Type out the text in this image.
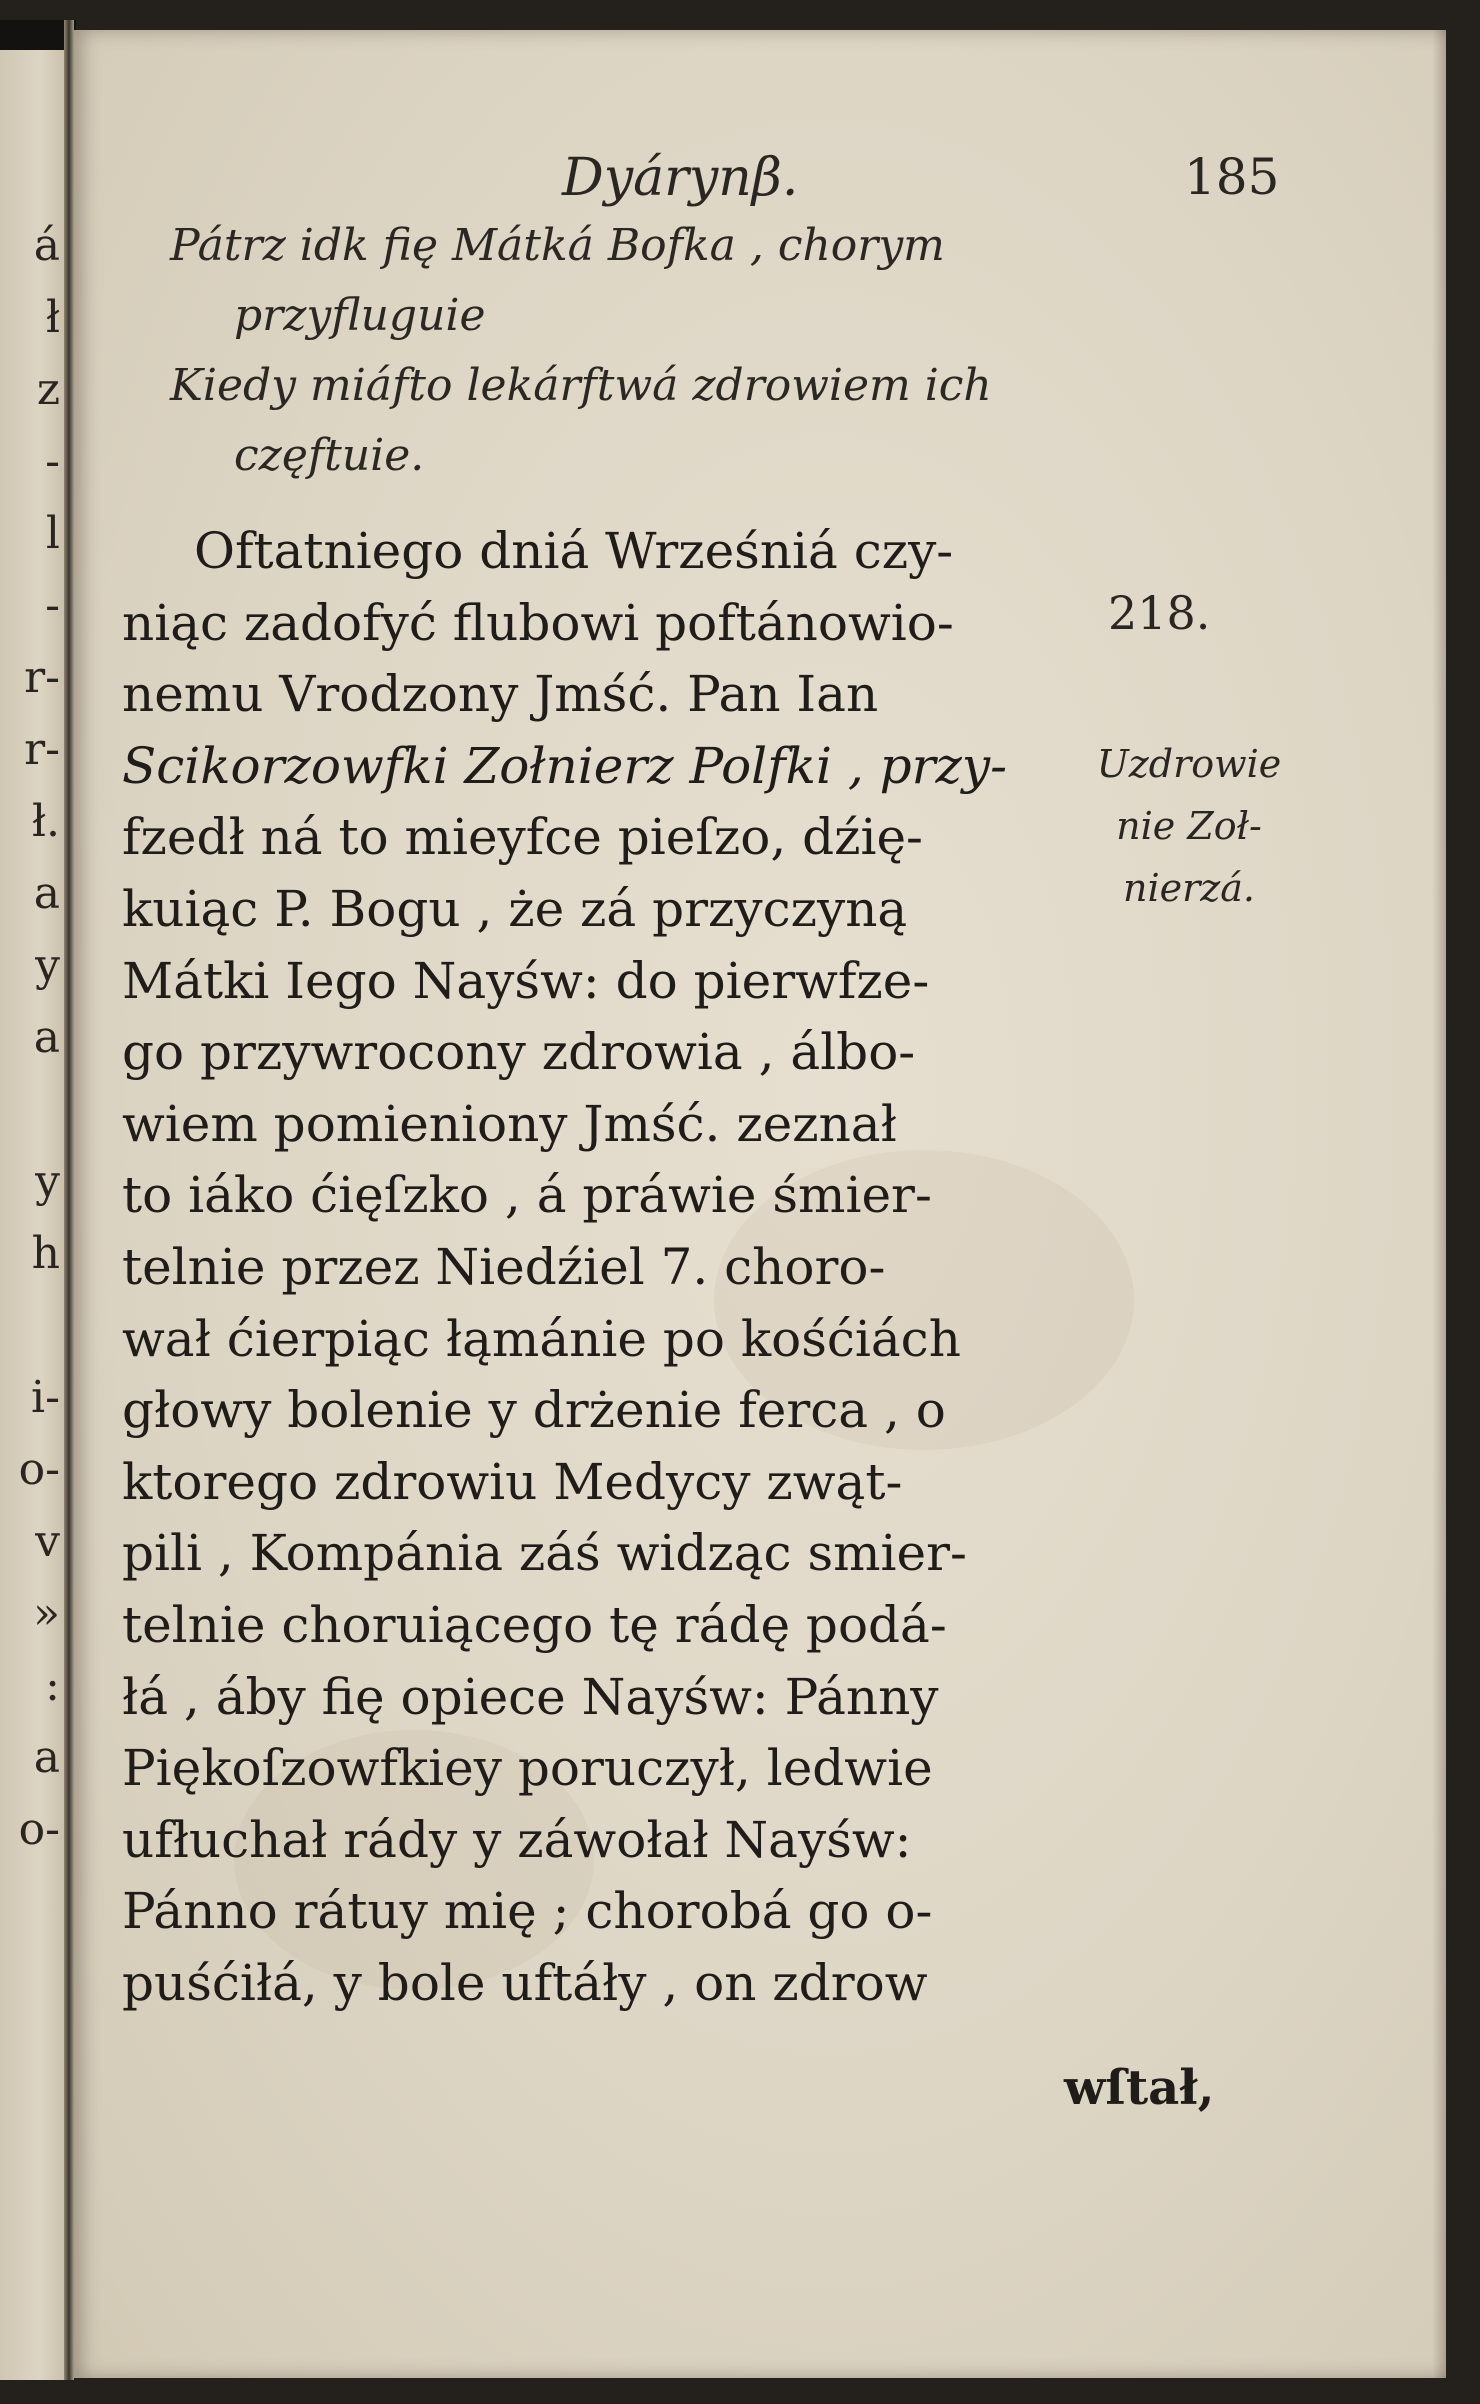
á
ł
z
-
l
-
r-
r-
ł.
a
y
a
y
h
i-
o-
v
»
:
a
o-
Dyárynβ.	185
Pátrz idk fię Mátká Bofka , chorym
przyfluguie
Kiedy miáfto lekárftwá zdrowiem ich
częftuie.
Oftatniego dniá Wrześniá czy-
niąc zadofyć flubowi poftánowio-
nemu Vrodzony Jmść. Pan Ian
Scikorzowfki Zołnierz Polfki , przy-
fzedł ná to mieyfce pieſzo, dźię-
kuiąc P. Bogu , że zá przyczyną
Mátki Iego Nayśw: do pierwfze-
go przywrocony zdrowia , álbo-
wiem pomieniony Jmść. zeznał
to iáko ćięſzko , á práwie śmier-
telnie przez Niedźiel 7. choro-
wał ćierpiąc łąmánie po kośćiách
głowy bolenie y drżenie ferca , o
ktorego zdrowiu Medycy zwąt-
pili , Kompánia záś widząc smier-
telnie choruiącego tę rádę podá-
łá , áby fię opiece Nayśw: Pánny
Piękoſzowfkiey poruczył, ledwie
ufłuchał rády y záwołał Nayśw:
Pánno rátuy mię ; chorobá go o-
puśćiłá, y bole uftáły , on zdrow
wſtał,
218.
Uzdrowie
nie Zoł-
nierzá.
